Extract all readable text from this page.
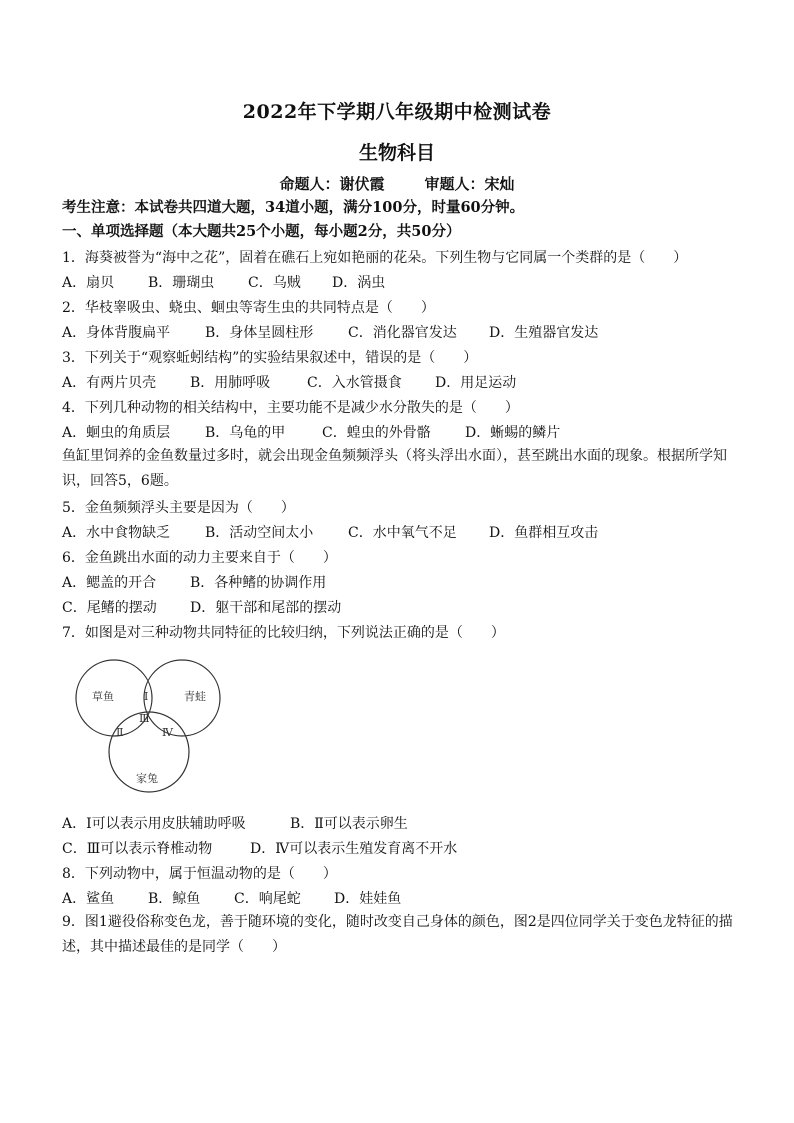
2022年下学期八年级期中检测试卷
生物科目
命题人：谢伏霞	审题人：宋灿
考生注意：本试卷共四道大题，34道小题，满分100分，时量60分钟。
一、单项选择题（本大题共25个小题，每小题2分，共50分）
1．海葵被誉为“海中之花”，固着在礁石上宛如艳丽的花朵。下列生物与它同属一个类群的是（　　）
A．扇贝 B．珊瑚虫 C．乌贼 D．涡虫
2．华枝睾吸虫、蛲虫、蛔虫等寄生虫的共同特点是（　　）
A．身体背腹扁平 B．身体呈圆柱形 C．消化器官发达 D．生殖器官发达
3．下列关于“观察蚯蚓结构”的实验结果叙述中，错误的是（　　）
A．有两片贝壳 B．用肺呼吸	C．入水管摄食 D．用足运动
4．下列几种动物的相关结构中，主要功能不是减少水分散失的是（　　）
A．蛔虫的角质层 B．乌龟的甲	C．蝗虫的外骨骼 D．蜥蜴的鳞片
鱼缸里饲养的金鱼数量过多时，就会出现金鱼频频浮头（将头浮出水面），甚至跳出水面的现象。根据所学知识，回答5，6题。
5．金鱼频频浮头主要是因为（　　）
A．水中食物缺乏 B．活动空间太小 C．水中氧气不足 D．鱼群相互攻击
6．金鱼跳出水面的动力主要来自于（　　）
A．鳃盖的开合 B．各种鳍的协调作用
C．尾鳍的摆动 D．躯干部和尾部的摆动
7．如图是对三种动物共同特征的比较归纳，下列说法正确的是（　　）
草鱼	青蛙
家兔
Ⅰ
Ⅱ
Ⅲ
Ⅳ
A．Ⅰ可以表示用皮肤辅助呼吸	B．Ⅱ可以表示卵生
C．Ⅲ可以表示脊椎动物	D．Ⅳ可以表示生殖发育离不开水
8．下列动物中，属于恒温动物的是（　　）
A．鲨鱼 B．鲸鱼 C．响尾蛇 D．娃娃鱼
9．图1避役俗称变色龙，善于随环境的变化，随时改变自己身体的颜色，图2是四位同学关于变色龙特征的描述，其中描述最佳的是同学（　　）
